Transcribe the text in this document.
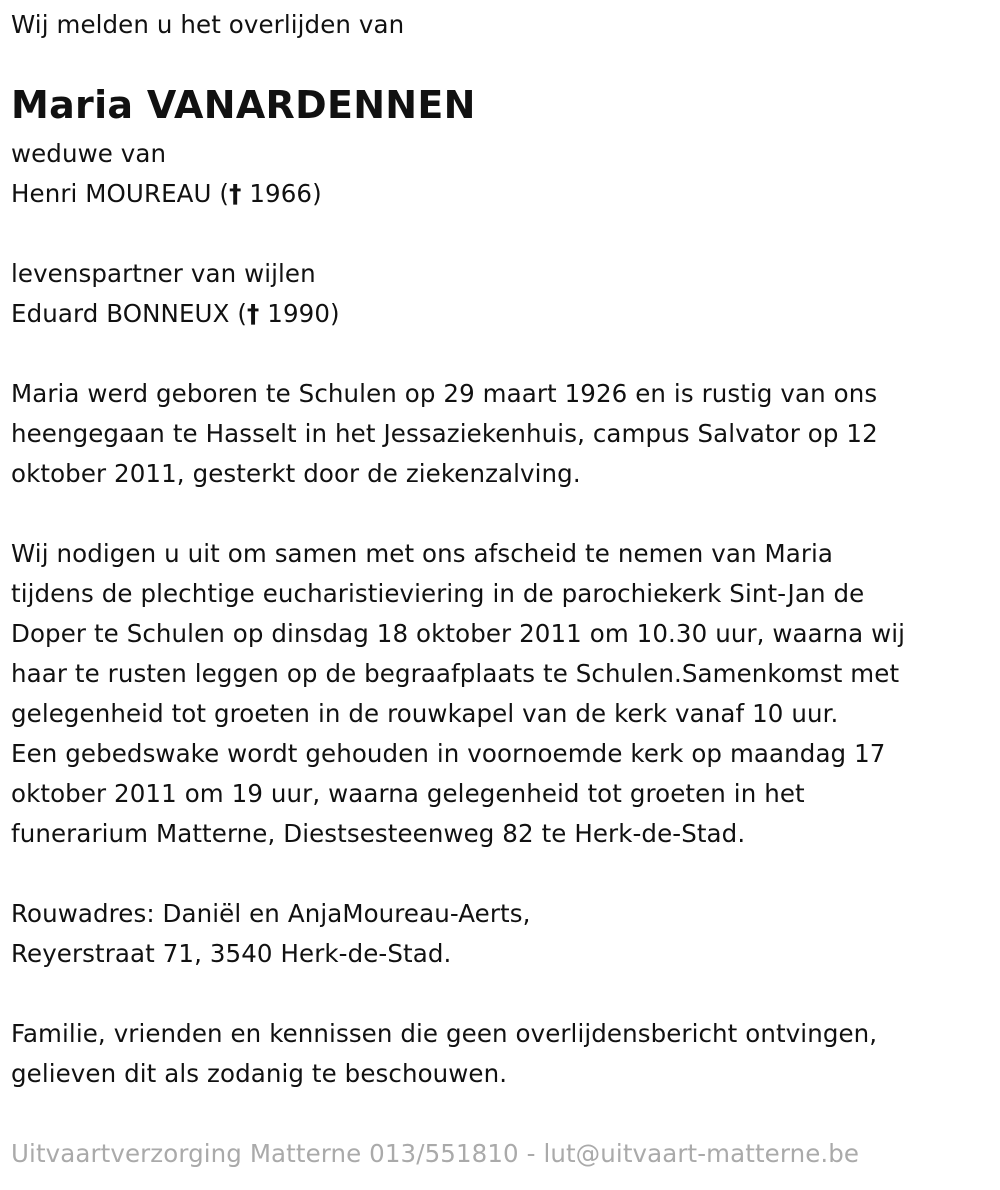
Wij melden u het overlijden van
Maria VANARDENNEN
weduwe van
Henri MOUREAU († 1966)
levenspartner van wijlen
Eduard BONNEUX († 1990)
Maria werd geboren te Schulen op 29 maart 1926 en is rustig van ons
heengegaan te Hasselt in het Jessaziekenhuis, campus Salvator op 12
oktober 2011, gesterkt door de ziekenzalving.
Wij nodigen u uit om samen met ons afscheid te nemen van Maria
tijdens de plechtige eucharistieviering in de parochiekerk Sint-Jan de
Doper te Schulen op dinsdag 18 oktober 2011 om 10.30 uur, waarna wij
haar te rusten leggen op de begraafplaats te Schulen.Samenkomst met
gelegenheid tot groeten in de rouwkapel van de kerk vanaf 10 uur.
Een gebedswake wordt gehouden in voornoemde kerk op maandag 17
oktober 2011 om 19 uur, waarna gelegenheid tot groeten in het
funerarium Matterne, Diestsesteenweg 82 te Herk-de-Stad.
Rouwadres: Daniël en AnjaMoureau-Aerts,
Reyerstraat 71, 3540 Herk-de-Stad.
Familie, vrienden en kennissen die geen overlijdensbericht ontvingen,
gelieven dit als zodanig te beschouwen.
Uitvaartverzorging Matterne 013/551810 - lut@uitvaart-matterne.be
